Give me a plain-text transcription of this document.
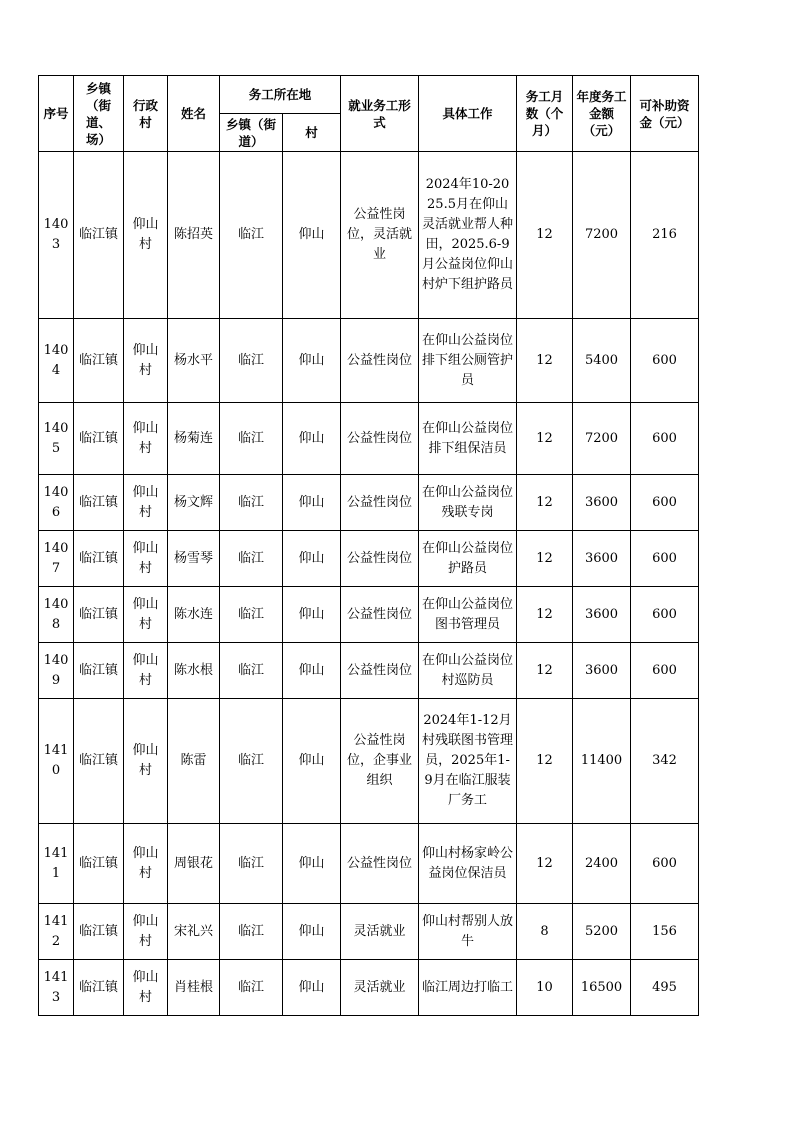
序号	乡镇（街道、场）	行政村	姓名	务工所在地		就业务工形式	具体工作	务工月数（个月）	年度务工金额（元）	可补助资金（元）
				乡镇（街道）	村					
1403	临江镇	仰山村	陈招英	临江	仰山	公益性岗位，灵活就业	2024年10-2025.5月在仰山灵活就业帮人种田，2025.6-9月公益岗位仰山村炉下组护路员	12	7200	216
1404	临江镇	仰山村	杨水平	临江	仰山	公益性岗位	在仰山公益岗位排下组公厕管护员	12	5400	600
1405	临江镇	仰山村	杨菊连	临江	仰山	公益性岗位	在仰山公益岗位排下组保洁员	12	7200	600
1406	临江镇	仰山村	杨文辉	临江	仰山	公益性岗位	在仰山公益岗位残联专岗	12	3600	600
1407	临江镇	仰山村	杨雪琴	临江	仰山	公益性岗位	在仰山公益岗位护路员	12	3600	600
1408	临江镇	仰山村	陈水连	临江	仰山	公益性岗位	在仰山公益岗位图书管理员	12	3600	600
1409	临江镇	仰山村	陈水根	临江	仰山	公益性岗位	在仰山公益岗位村巡防员	12	3600	600
1410	临江镇	仰山村	陈雷	临江	仰山	公益性岗位，企事业组织	2024年1-12月村残联图书管理员，2025年1-9月在临江服装厂务工	12	11400	342
1411	临江镇	仰山村	周银花	临江	仰山	公益性岗位	仰山村杨家岭公益岗位保洁员	12	2400	600
1412	临江镇	仰山村	宋礼兴	临江	仰山	灵活就业	仰山村帮别人放牛	8	5200	156
1413	临江镇	仰山村	肖桂根	临江	仰山	灵活就业	临江周边打临工	10	16500	495
